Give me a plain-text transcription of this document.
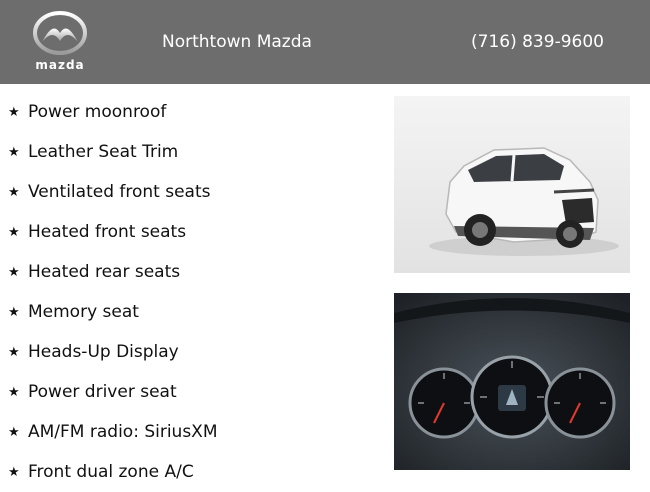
mazda
Northtown Mazda	(716) 839-9600
★ Power moonroof
★ Leather Seat Trim
★ Ventilated front seats
★ Heated front seats
★ Heated rear seats
★ Memory seat
★ Heads-Up Display
★ Power driver seat
★ AM/FM radio: SiriusXM
★ Front dual zone A/C
